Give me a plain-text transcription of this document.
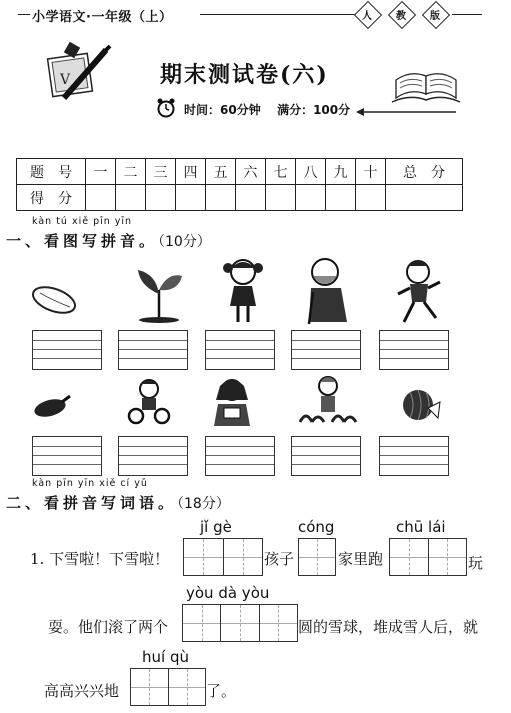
小学语文·一年级（上）	人	教	版
V	期末测试卷(六)
时间：60分钟 满分：100分
题　号	一	二	三	四	五	六	七	八	九	十	总　分
得　分											
kàn tú xiě pīn yīn
一、看图写拼音。（10分）
kàn pīn yīn xiě cí yǔ
二、看拼音写词语。（18分）
1. 下雪啦！下雪啦！
jǐ gè
孩子
cóng
家里跑
chū lái
玩
耍。他们滚了两个
yòu dà yòu
圆的雪球，堆成雪人后，就
高高兴兴地
huí qù
了。
